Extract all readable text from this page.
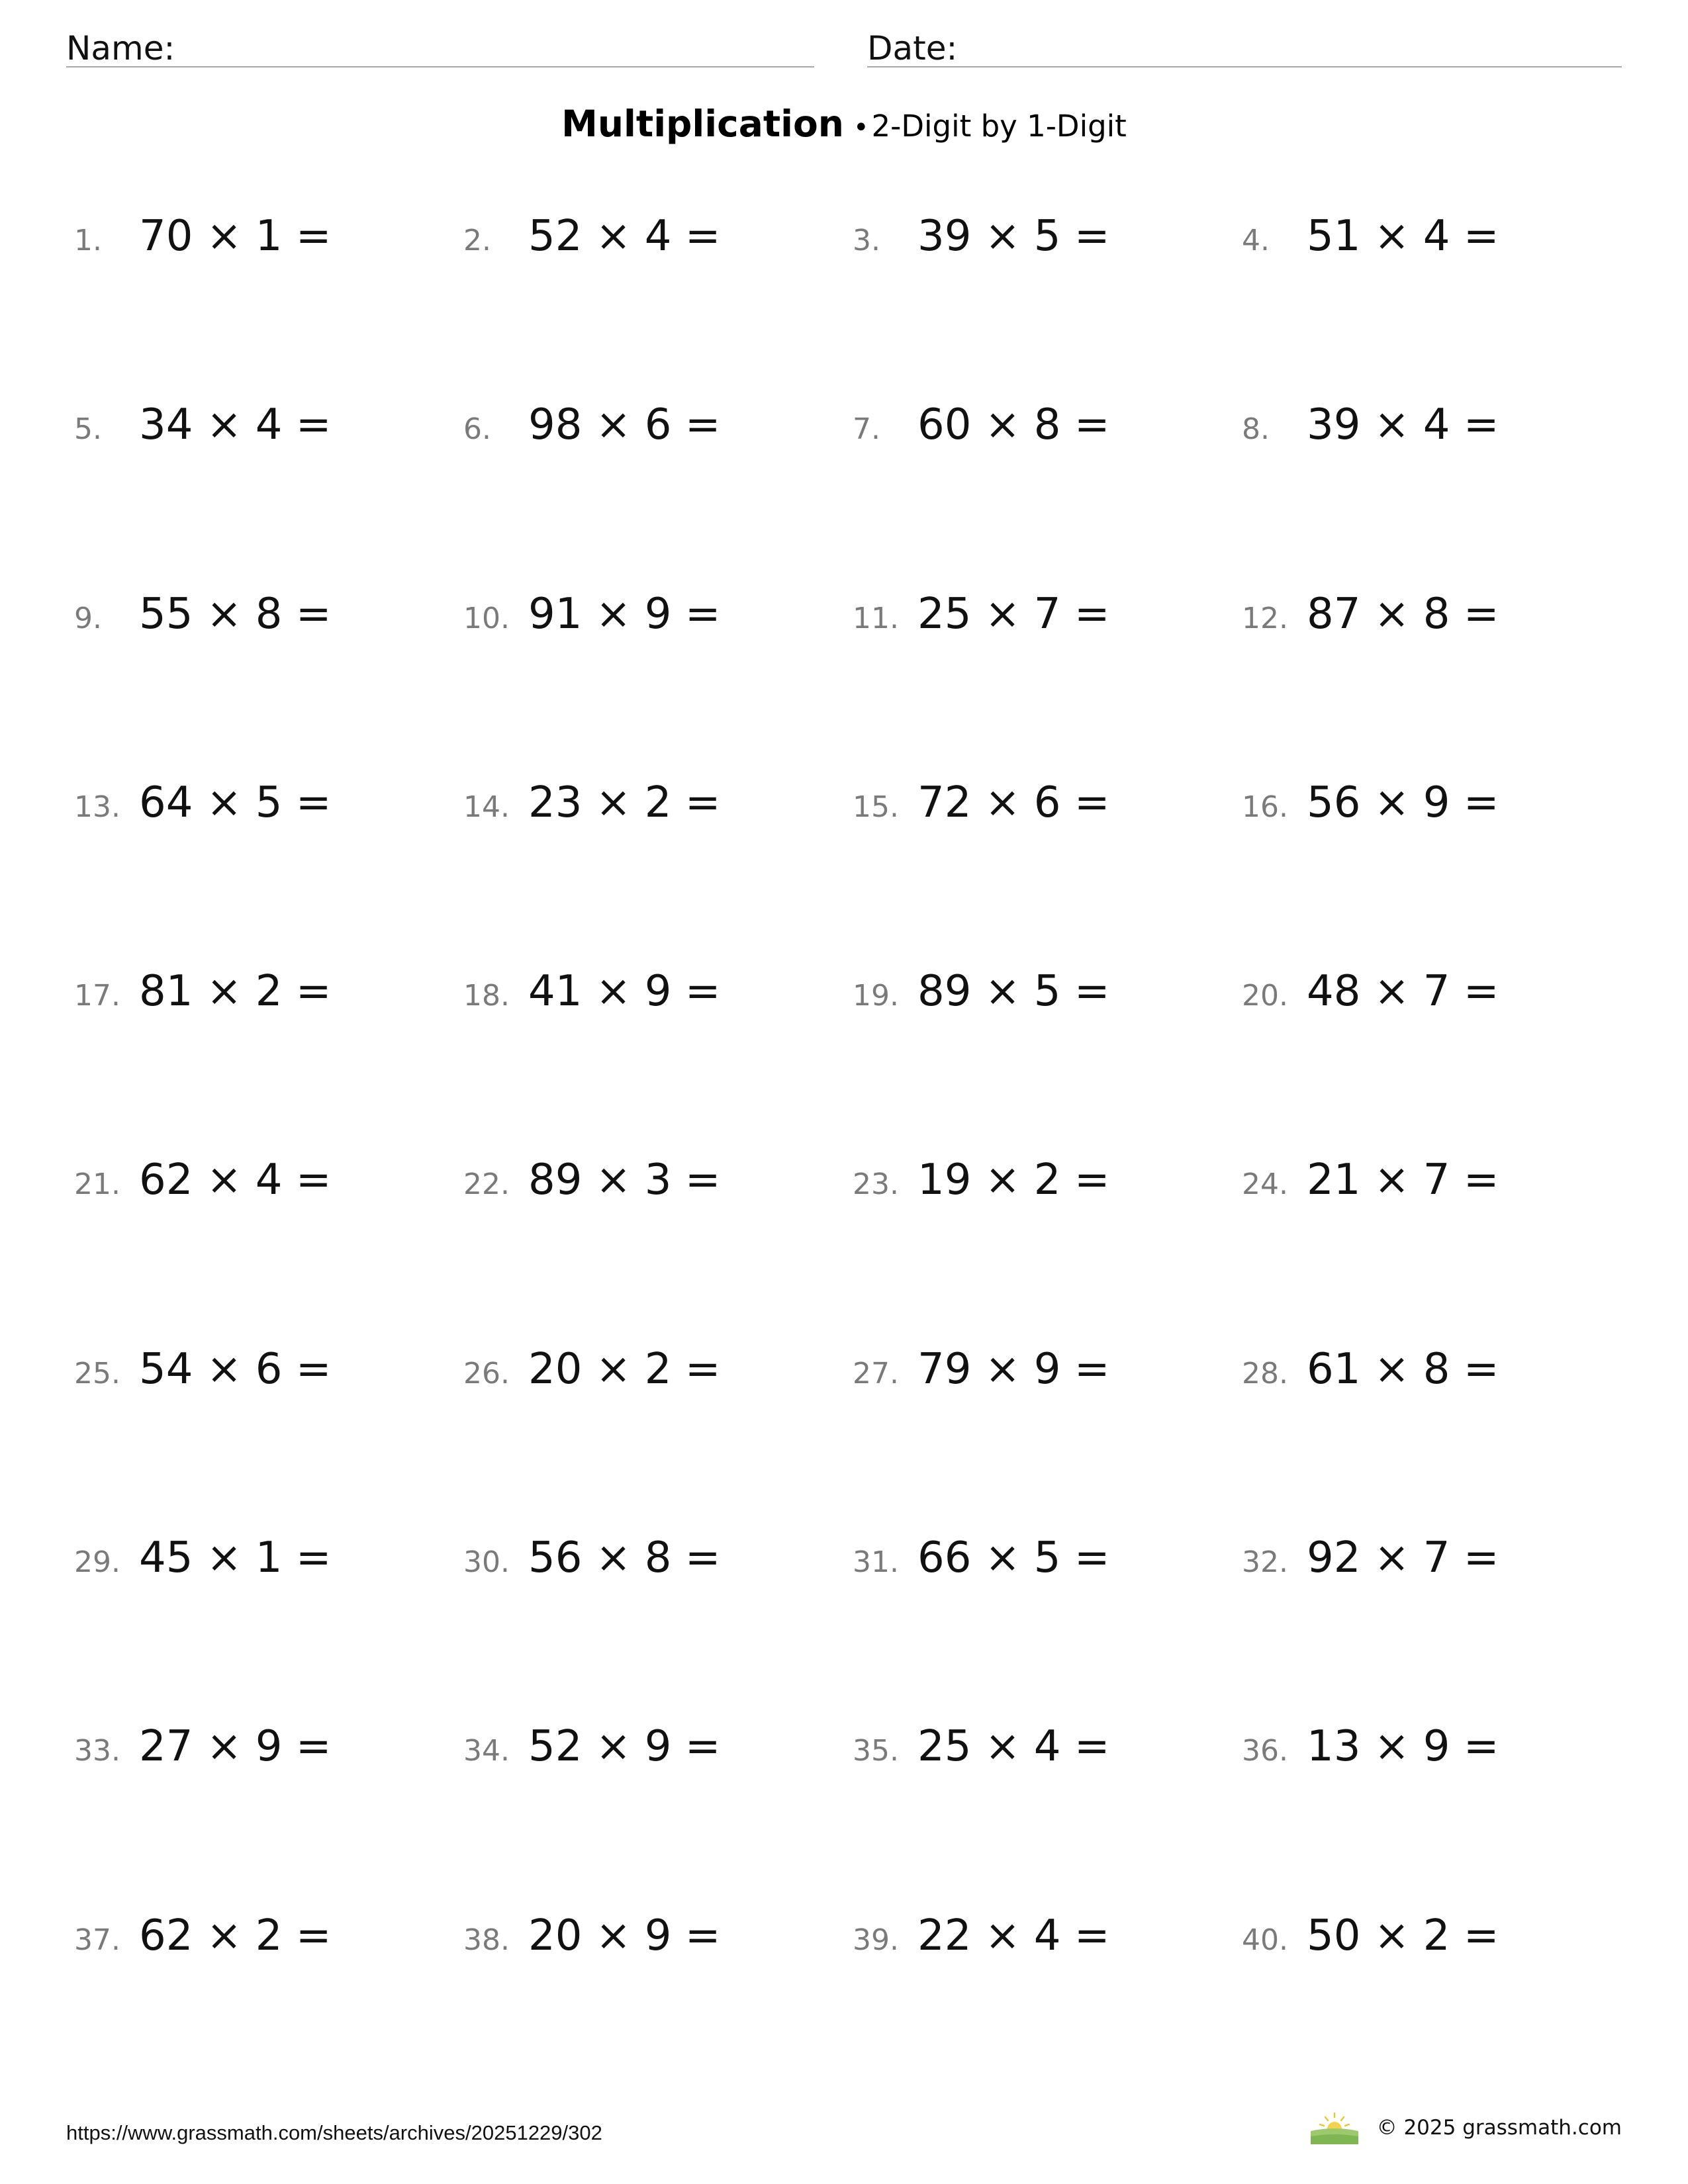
Name:	Date:
Multiplication •2-Digit by 1-Digit
1. 70 × 1 =	2. 52 × 4 =	3. 39 × 5 =	4. 51 × 4 =
5. 34 × 4 =	6. 98 × 6 =	7. 60 × 8 =	8. 39 × 4 =
9. 55 × 8 =	10. 91 × 9 =	11. 25 × 7 =	12. 87 × 8 =
13. 64 × 5 =	14. 23 × 2 =	15. 72 × 6 =	16. 56 × 9 =
17. 81 × 2 =	18. 41 × 9 =	19. 89 × 5 =	20. 48 × 7 =
21. 62 × 4 =	22. 89 × 3 =	23. 19 × 2 =	24. 21 × 7 =
25. 54 × 6 =	26. 20 × 2 =	27. 79 × 9 =	28. 61 × 8 =
29. 45 × 1 =	30. 56 × 8 =	31. 66 × 5 =	32. 92 × 7 =
33. 27 × 9 =	34. 52 × 9 =	35. 25 × 4 =	36. 13 × 9 =
37. 62 × 2 =	38. 20 × 9 =	39. 22 × 4 =	40. 50 × 2 =
https://www.grassmath.com/sheets/archives/20251229/302	© 2025 grassmath.com
